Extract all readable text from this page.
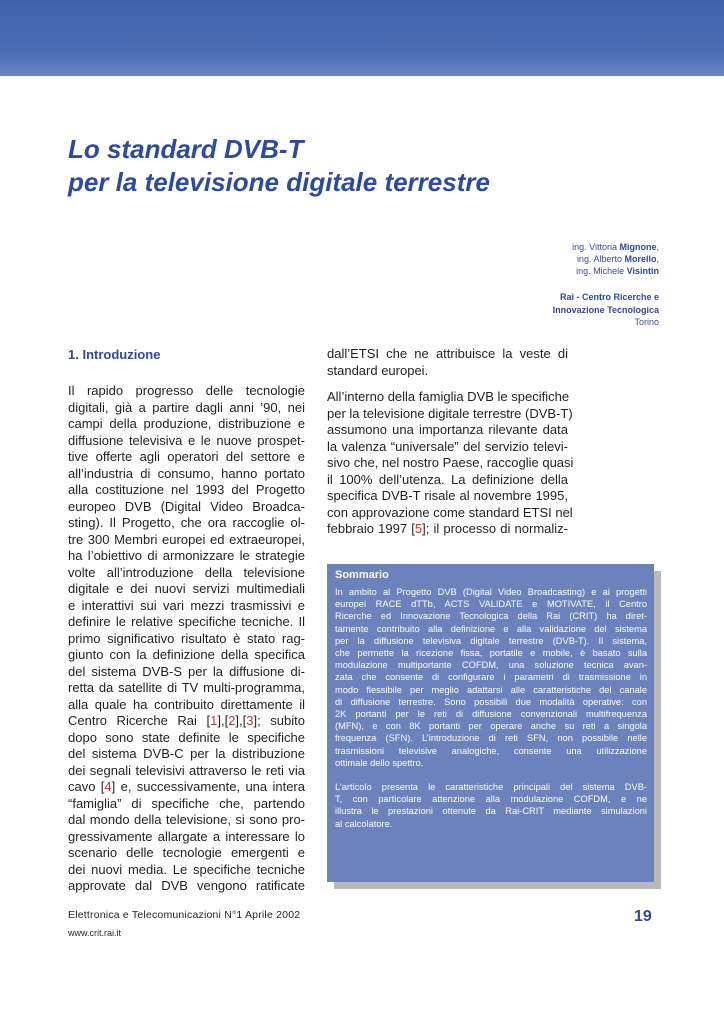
Lo standard DVB-T
per la televisione digitale terrestre
ing. Vittoria Mignone,
ing. Alberto Morello,
ing. Michele Visintin
Rai - Centro Ricerche e
Innovazione Tecnologica
Torino
1. Introduzione
Il rapido progresso delle tecnologie
digitali, già a partire dagli anni ’90, nei
campi della produzione, distribuzione e
diffusione televisiva e le nuove prospet-
tive offerte agli operatori del settore e
all’industria di consumo, hanno portato
alla costituzione nel 1993 del Progetto
europeo DVB (Digital Video Broadca-
sting). Il Progetto, che ora raccoglie ol-
tre 300 Membri europei ed extraeuropei,
ha l’obiettivo di armonizzare le strategie
volte all’introduzione della televisione
digitale e dei nuovi servizi multimediali
e interattivi sui vari mezzi trasmissivi e
definire le relative specifiche tecniche. Il
primo significativo risultato è stato rag-
giunto con la definizione della specifica
del sistema DVB-S per la diffusione di-
retta da satellite di TV multi-programma,
alla quale ha contribuito direttamente il
Centro Ricerche Rai [1],[2],[3]; subito
dopo sono state definite le specifiche
del sistema DVB-C per la distribuzione
dei segnali televisivi attraverso le reti via
cavo [4] e, successivamente, una intera
“famiglia” di specifiche che, partendo
dal mondo della televisione, si sono pro-
gressivamente allargate a interessare lo
scenario delle tecnologie emergenti e
dei nuovi media. Le specifiche tecniche
approvate dal DVB vengono ratificate
dall’ETSI che ne attribuisce la veste di
standard europei.
All’interno della famiglia DVB le specifiche
per la televisione digitale terrestre (DVB-T)
assumono una importanza rilevante data
la valenza “universale” del servizio televi-
sivo che, nel nostro Paese, raccoglie quasi
il 100% dell’utenza. La definizione della
specifica DVB-T risale al novembre 1995,
con approvazione come standard ETSI nel
febbraio 1997 [5]; il processo di normaliz-
Sommario
In ambito al Progetto DVB (Digital Video Broadcasting) e ai progetti
europei RACE dTTb, ACTS VALIDATE e MOTIVATE, il Centro
Ricerche ed Innovazione Tecnologica della Rai (CRIT) ha diret-
tamente contribuito alla definizione e alla validazione del sistema
per la diffusione televisiva digitale terrestre (DVB-T). Il sistema,
che permette la ricezione fissa, portatile e mobile, è basato sulla
modulazione multiportante COFDM, una soluzione tecnica avan-
zata che consente di configurare i parametri di trasmissione in
modo flessibile per meglio adattarsi alle caratteristiche del canale
di diffusione terrestre. Sono possibili due modalità operative: con
2K portanti per le reti di diffusione convenzionali multifrequenza
(MFN), e con 8K portanti per operare anche su reti a singola
frequenza (SFN). L’introduzione di reti SFN, non possibile nelle
trasmissioni televisive analogiche, consente una utilizzazione
ottimale dello spettro.
L’articolo presenta le caratteristiche principali del sistema DVB-
T, con particolare attenzione alla modulazione COFDM, e ne
illustra le prestazioni ottenute da Rai-CRIT mediante simulazioni
al calcolatore.
Elettronica e Telecomunicazioni N°1 Aprile 2002
www.crit.rai.it
19
